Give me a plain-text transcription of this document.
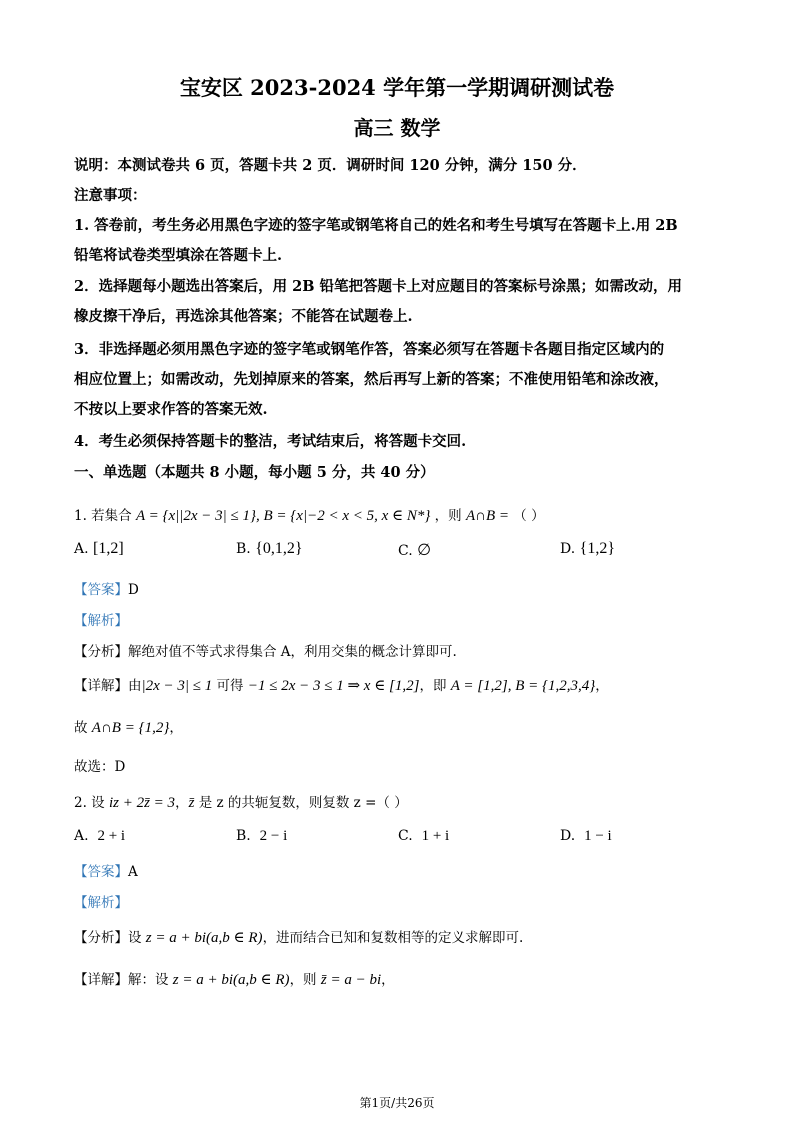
宝安区 2023-2024 学年第一学期调研测试卷
高三 数学
说明：本测试卷共 6 页，答题卡共 2 页．调研时间 120 分钟，满分 150 分．
注意事项：
1. 答卷前，考生务必用黑色字迹的签字笔或钢笔将自己的姓名和考生号填写在答题卡上.用 2B
铅笔将试卷类型填涂在答题卡上.
2．选择题每小题选出答案后，用 2B 铅笔把答题卡上对应题目的答案标号涂黑；如需改动，用
橡皮擦干净后，再选涂其他答案；不能答在试题卷上.
3．非选择题必须用黑色字迹的签字笔或钢笔作答，答案必须写在答题卡各题目指定区域内的
相应位置上；如需改动，先划掉原来的答案，然后再写上新的答案；不准使用铅笔和涂改液，
不按以上要求作答的答案无效.
4．考生必须保持答题卡的整洁，考试结束后，将答题卡交回.
一、单选题（本题共 8 小题，每小题 5 分，共 40 分）
1. 若集合 A = {x||2x − 3| ≤ 1}, B = {x|−2 < x < 5, x ∈ N*} ，则 A∩B = （ ）
A. [1,2]	B. {0,1,2}	C. ∅	D. {1,2}
【答案】D
【解析】
【分析】解绝对值不等式求得集合 A，利用交集的概念计算即可.
【详解】由|2x − 3| ≤ 1 可得 −1 ≤ 2x − 3 ≤ 1 ⇒ x ∈ [1,2]，即 A = [1,2], B = {1,2,3,4}，
故 A∩B = {1,2}，
故选：D
2. 设 iz + 2z̄ = 3，z̄ 是 z 的共轭复数，则复数 z =（ ）
A. 2 + i	B. 2 − i	C. 1 + i	D. 1 − i
【答案】A
【解析】
【分析】设 z = a + bi(a,b ∈ R)，进而结合已知和复数相等的定义求解即可.
【详解】解：设 z = a + bi(a,b ∈ R)，则 z̄ = a − bi，
第1页/共26页
